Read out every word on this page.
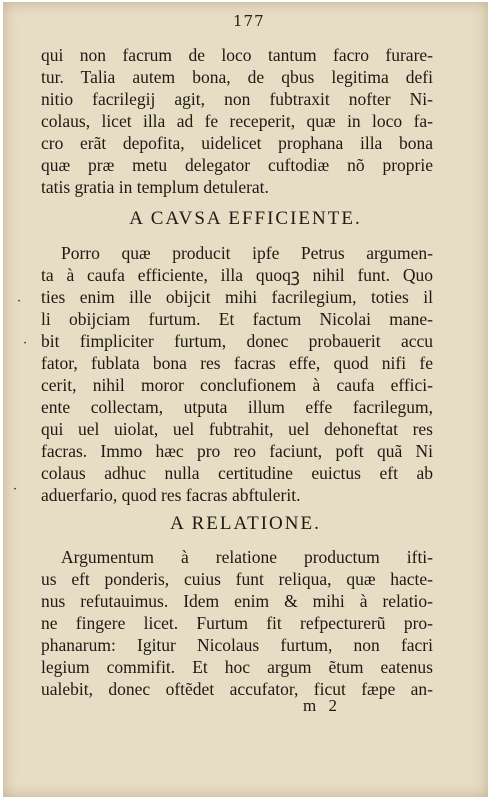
177
qui non facrum de loco tantum facro furare-
tur. Talia autem bona, de qbus legitima defi
nitio facrilegij agit, non fubtraxit nofter Ni-
colaus, licet illa ad fe receperit, quæ in loco fa-
cro erãt depofita, uidelicet prophana illa bona
quæ præ metu delegator cuftodiæ nõ proprie
tatis gratia in templum detulerat.
A CAVSA EFFICIENTE.
Porro quæ producit ipfe Petrus argumen-
ta à caufa efficiente, illa quoqꝫ nihil funt. Quo
ties enim ille obijcit mihi facrilegium, toties il
li obijciam furtum. Et factum Nicolai mane-
bit fimpliciter furtum, donec probauerit accu
fator, fublata bona res facras effe, quod nifi fe
cerit, nihil moror conclufionem à caufa effici-
ente collectam, utputa illum effe facrilegum,
qui uel uiolat, uel fubtrahit, uel dehoneftat res
facras. Immo hæc pro reo faciunt, poft quã Ni
colaus adhuc nulla certitudine euictus eft ab
aduerfario, quod res facras abftulerit.
A RELATIONE.
Argumentum à relatione productum ifti-
us eft ponderis, cuius funt reliqua, quæ hacte-
nus refutauimus. Idem enim & mihi à relatio-
ne fingere licet. Furtum fit refpecturerũ pro-
phanarum: Igitur Nicolaus furtum, non facri
legium commifit. Et hoc argum ẽtum eatenus
ualebit, donec oftẽdet accufator, ficut fæpe an-
m 2
·
·
·
